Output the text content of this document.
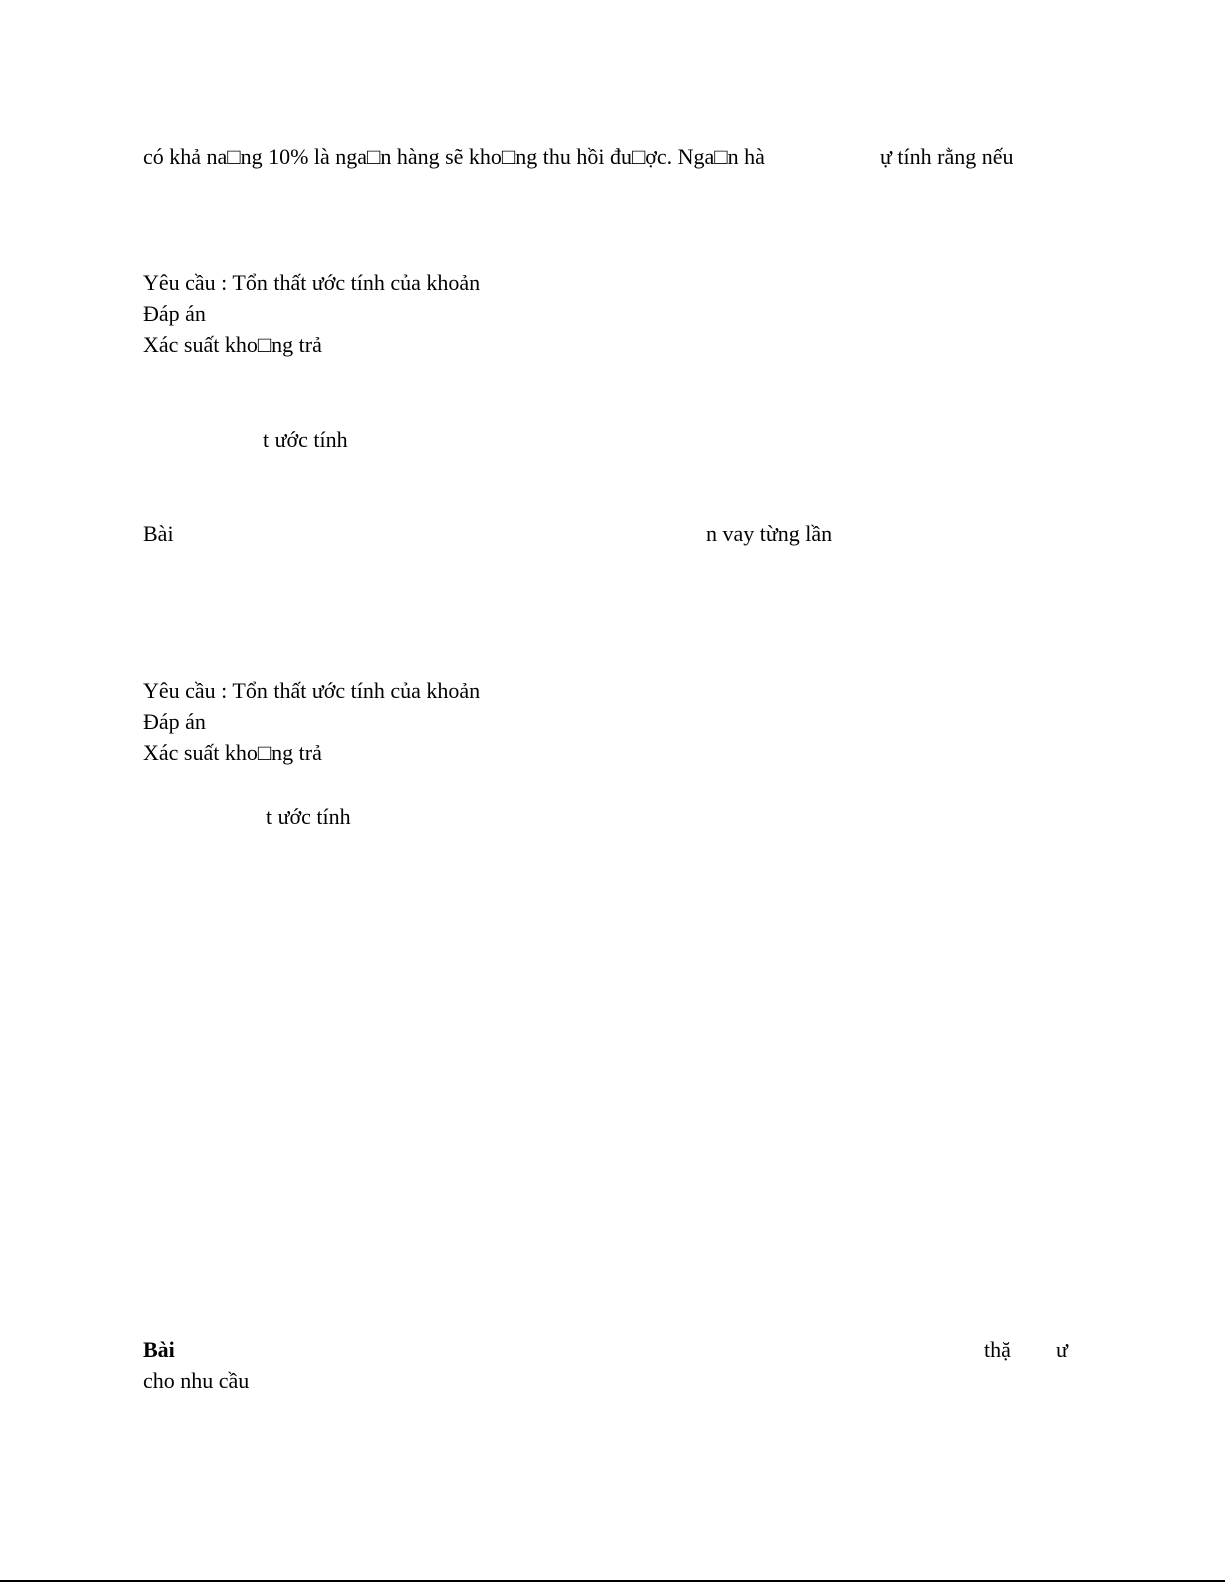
có khả na□ng 10% là nga□n hàng sẽ kho□ng thu hồi đu□ợc. Nga□n hà	ự tính rằng nếu
Yêu cầu : Tổn thất ước tính của khoản
Đáp án
Xác suất kho□ng trả
t ước tính
Bài	n vay từng lần
Yêu cầu : Tổn thất ước tính của khoản
Đáp án
Xác suất kho□ng trả
t ước tính
Bài	thặ ư
cho nhu cầu
